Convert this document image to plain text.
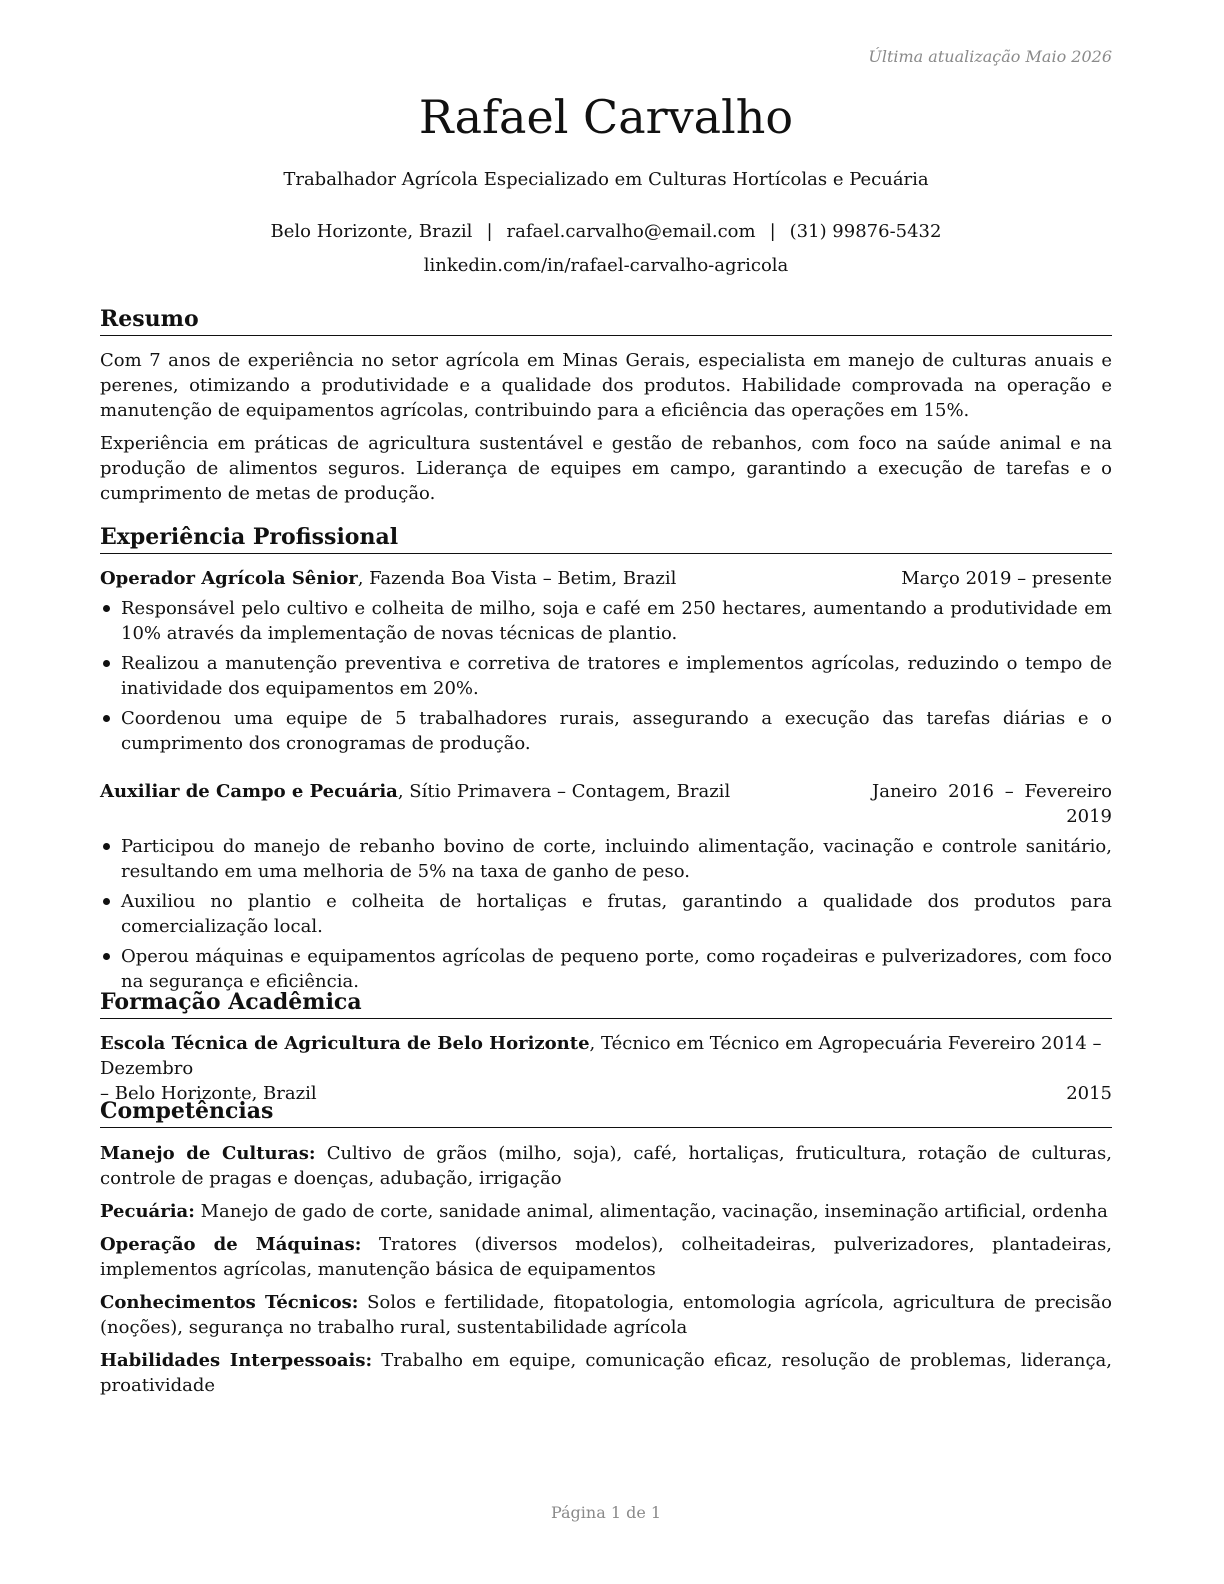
Última atualização Maio 2026
Rafael Carvalho
Trabalhador Agrícola Especializado em Culturas Hortícolas e Pecuária
Belo Horizonte, Brazil | rafael.carvalho@email.com | (31) 99876-5432
linkedin.com/in/rafael-carvalho-agricola
Resumo

Com 7 anos de experiência no setor agrícola em Minas Gerais, especialista em manejo de culturas anuais e perenes, otimizando a produtividade e a qualidade dos produtos. Habilidade comprovada na operação e manutenção de equipamentos agrícolas, contribuindo para a eficiência das operações em 15%.

Experiência em práticas de agricultura sustentável e gestão de rebanhos, com foco na saúde animal e na produção de alimentos seguros. Liderança de equipes em campo, garantindo a execução de tarefas e o cumprimento de metas de produção.

Experiência Profissional
Operador Agrícola Sênior, Fazenda Boa Vista – Betim, Brazil	Março 2019 – presente
Responsável pelo cultivo e colheita de milho, soja e café em 250 hectares, aumentando a produtividade em 10% através da implementação de novas técnicas de plantio.
Realizou a manutenção preventiva e corretiva de tratores e implementos agrícolas, reduzindo o tempo de inatividade dos equipamentos em 20%.
Coordenou uma equipe de 5 trabalhadores rurais, assegurando a execução das tarefas diárias e o cumprimento dos cronogramas de produção.
Auxiliar de Campo e Pecuária, Sítio Primavera – Contagem, Brazil	Janeiro 2016 – Fevereiro 2019
Participou do manejo de rebanho bovino de corte, incluindo alimentação, vacinação e controle sanitário, resultando em uma melhoria de 5% na taxa de ganho de peso.
Auxiliou no plantio e colheita de hortaliças e frutas, garantindo a qualidade dos produtos para comercialização local.
Operou máquinas e equipamentos agrícolas de pequeno porte, como roçadeiras e pulverizadores, com foco na segurança e eficiência.
Formação Acadêmica
Escola Técnica de Agricultura de Belo Horizonte, Técnico em Técnico em Agropecuária Fevereiro 2014 – Dezembro
– Belo Horizonte, Brazil	2015
Competências

Manejo de Culturas: Cultivo de grãos (milho, soja), café, hortaliças, fruticultura, rotação de culturas, controle de pragas e doenças, adubação, irrigação

Pecuária: Manejo de gado de corte, sanidade animal, alimentação, vacinação, inseminação artificial, ordenha

Operação de Máquinas: Tratores (diversos modelos), colheitadeiras, pulverizadores, plantadeiras, implementos agrícolas, manutenção básica de equipamentos

Conhecimentos Técnicos: Solos e fertilidade, fitopatologia, entomologia agrícola, agricultura de precisão (noções), segurança no trabalho rural, sustentabilidade agrícola

Habilidades Interpessoais: Trabalho em equipe, comunicação eficaz, resolução de problemas, liderança, proatividade

Página 1 de 1
